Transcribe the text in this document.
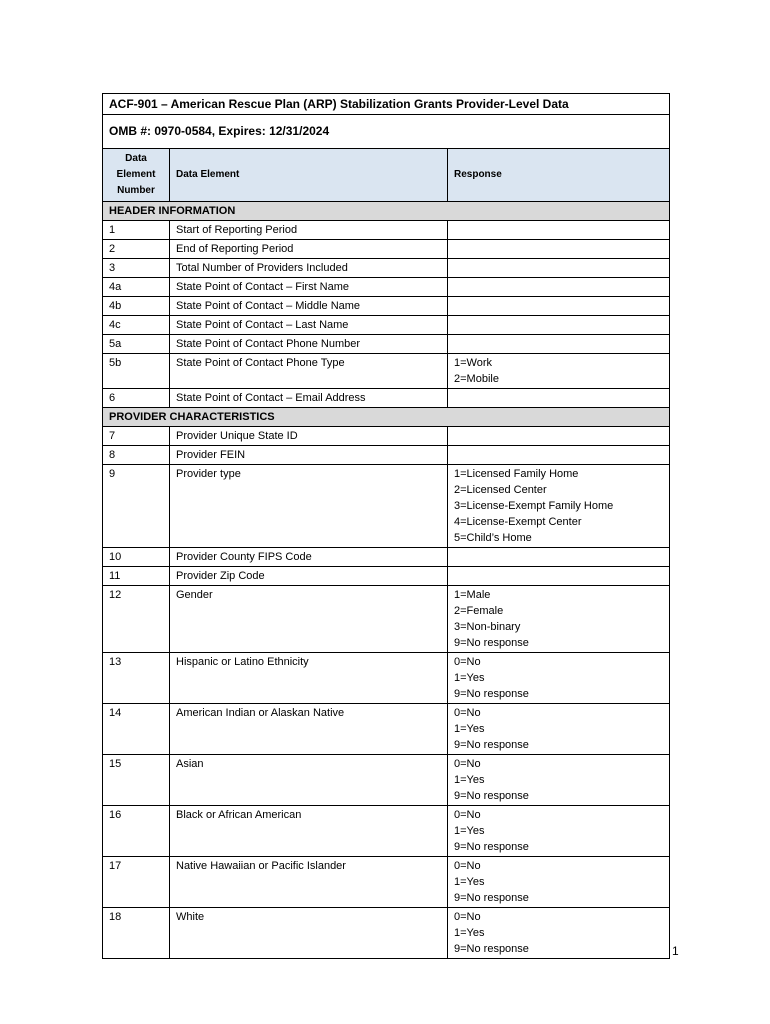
ACF-901 – American Rescue Plan (ARP) Stabilization Grants Provider-Level Data		
OMB #: 0970-0584, Expires: 12/31/2024		

Data
Element
Number	Data Element	Response
HEADER INFORMATION		
1	Start of Reporting Period	
2	End of Reporting Period	
3	Total Number of Providers Included	
4a	State Point of Contact – First Name	
4b	State Point of Contact – Middle Name	
4c	State Point of Contact – Last Name	
5a	State Point of Contact Phone Number	
5b	State Point of Contact Phone Type	1=Work
2=Mobile

6	State Point of Contact – Email Address	
PROVIDER CHARACTERISTICS		
7	Provider Unique State ID	
8	Provider FEIN	
9	Provider type	1=Licensed Family Home
2=Licensed Center
3=License-Exempt Family Home
4=License-Exempt Center
5=Child’s Home

10	Provider County FIPS Code	
11	Provider Zip Code	
12	Gender	1=Male
2=Female
3=Non-binary
9=No response

13	Hispanic or Latino Ethnicity	0=No
1=Yes
9=No response

14	American Indian or Alaskan Native	0=No
1=Yes
9=No response

15	Asian	0=No
1=Yes
9=No response

16	Black or African American	0=No
1=Yes
9=No response

17	Native Hawaiian or Pacific Islander	0=No
1=Yes
9=No response

18	White	0=No
1=Yes
9=No response	1
